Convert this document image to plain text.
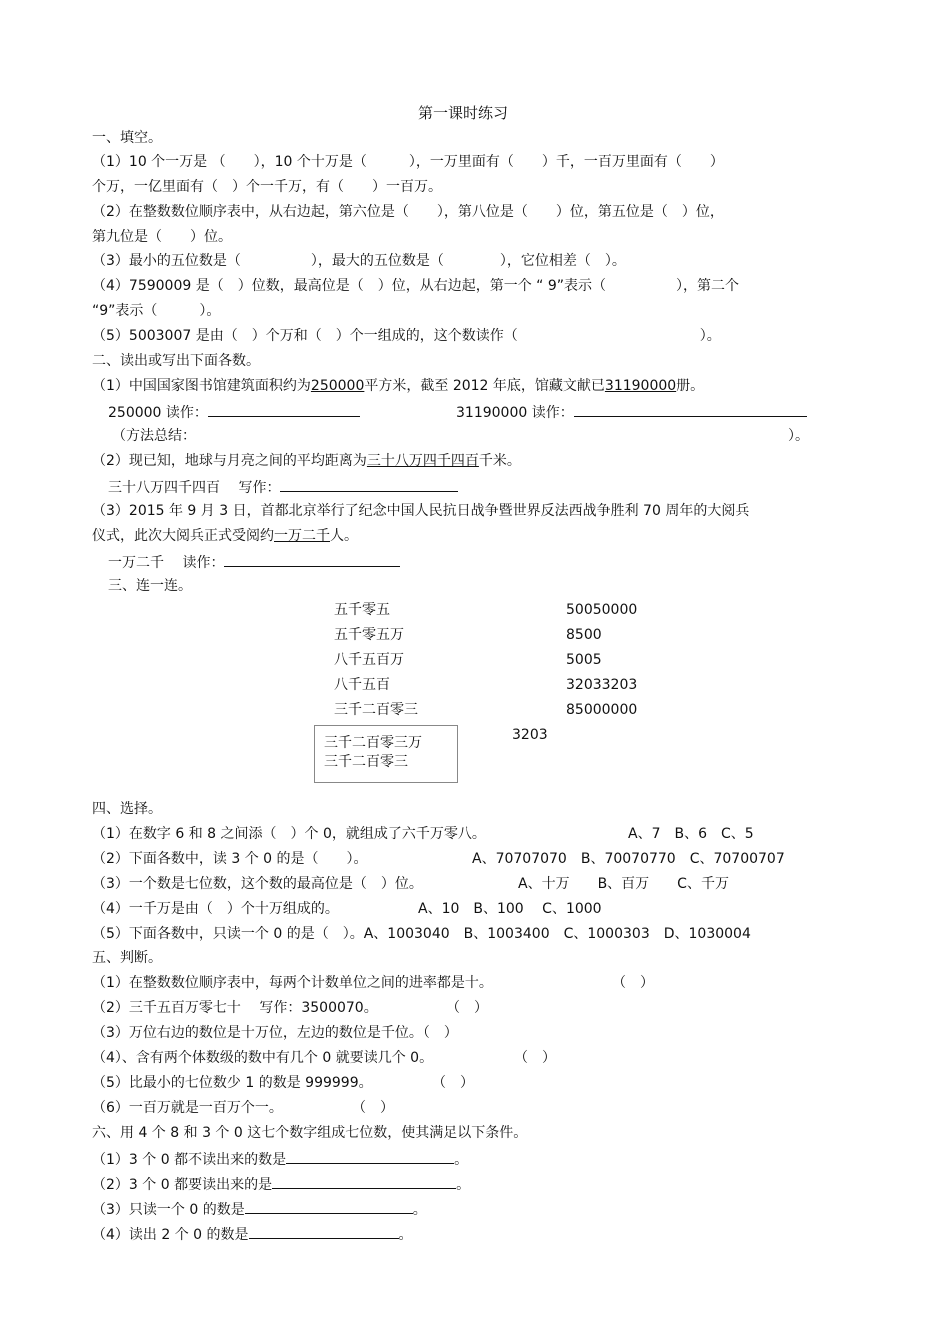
第一课时练习
一、填空。
（1）10 个一万是 （　　），10 个十万是（　　　），一万里面有（　　）千，一百万里面有（　　）
个万，一亿里面有（　）个一千万，有（　　）一百万。
（2）在整数数位顺序表中，从右边起，第六位是（　　），第八位是（　　）位，第五位是（　）位，
第九位是（　　）位。
（3）最小的五位数是（　　　　　），最大的五位数是（　　　　），它位相差（　）。
（4）7590009 是（　）位数，最高位是（　）位，从右边起，第一个 “ 9”表示（　　　　　），第二个
“9”表示（　　　）。
（5）5003007 是由（　）个万和（　）个一组成的，这个数读作（　　　　　　　　　　　　　）。
二、读出或写出下面各数。
（1）中国国家图书馆建筑面积约为250000平方米，截至 2012 年底，馆藏文献已31190000册。
250000 读作：	31190000 读作：
（方法总结：	）。
（2）现已知，地球与月亮之间的平均距离为三十八万四千四百千米。
三十八万四千四百　 写作：
（3）2015 年 9 月 3 日，首都北京举行了纪念中国人民抗日战争暨世界反法西战争胜利 70 周年的大阅兵
仪式，此次大阅兵正式受阅约一万二千人。
一万二千　 读作：
三、连一连。
五千零五
五千零五万
八千五百万
八千五百
三千二百零三
50050000
8500
5005
32033203
85000000
3203
三千二百零三万
三千二百零三
四、选择。
（1）在数字 6 和 8 之间添（　）个 0，就组成了六千万零八。	A、7　B、6　C、5
（2）下面各数中，读 3 个 0 的是（　　）。	A、70707070　B、70070770　C、70700707
（3）一个数是七位数，这个数的最高位是（　）位。	A、十万　　B、百万　　C、千万
（4）一千万是由（　）个十万组成的。	A、10　B、100　 C、1000
（5）下面各数中，只读一个 0 的是（　）。A、1003040　B、1003400　C、1000303　D、1030004
五、判断。
（1）在整数数位顺序表中，每两个计数单位之间的进率都是十。	（　）
（2）三千五百万零七十　 写作：3500070。	（　）
（3）万位右边的数位是十万位，左边的数位是千位。（　）
（4）、含有两个体数级的数中有几个 0 就要读几个 0。	（　）
（5）比最小的七位数少 1 的数是 999999。	（　）
（6）一百万就是一百万个一。	（　）
六、用 4 个 8 和 3 个 0 这七个数字组成七位数，使其满足以下条件。
（1）3 个 0 都不读出来的数是	。
（2）3 个 0 都要读出来的是	。
（3）只读一个 0 的数是	。
（4）读出 2 个 0 的数是	。
